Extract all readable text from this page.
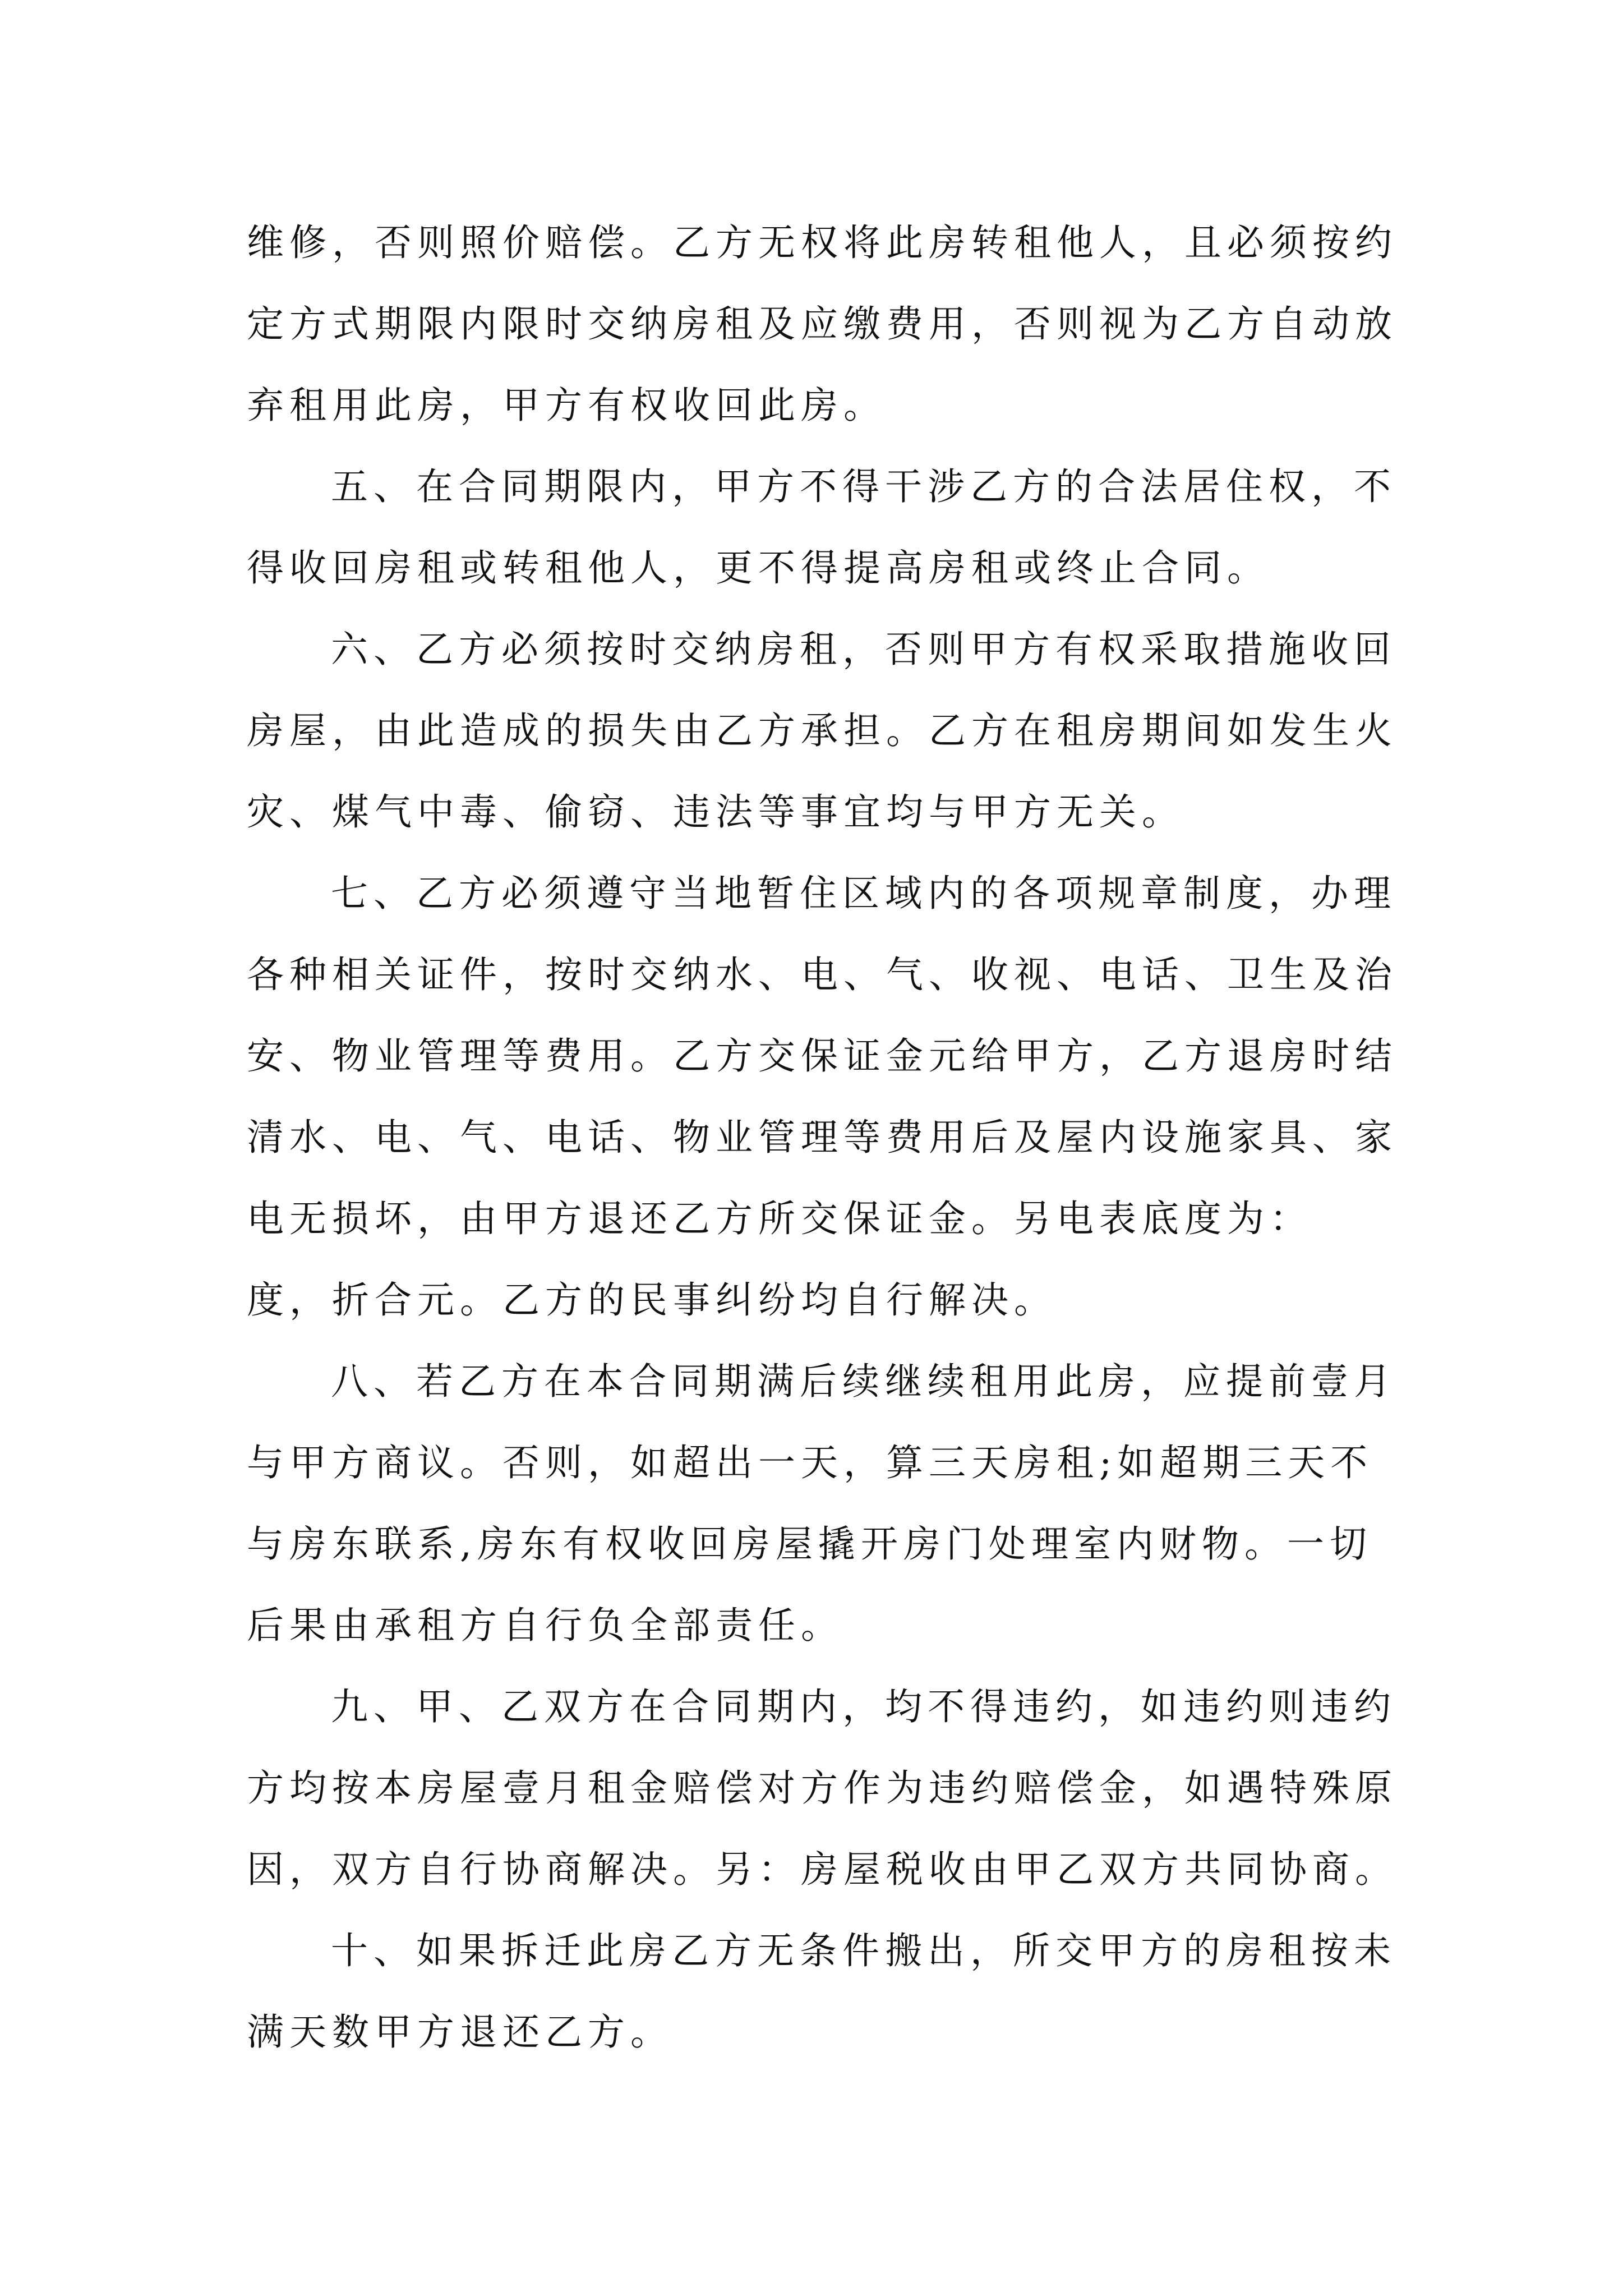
维修，否则照价赔偿。乙方无权将此房转租他人，且必须按约定方式期限内限时交纳房租及应缴费用，否则视为乙方自动放弃租用此房，甲方有权收回此房。

五、在合同期限内，甲方不得干涉乙方的合法居住权，不得收回房租或转租他人，更不得提高房租或终止合同。

六、乙方必须按时交纳房租，否则甲方有权采取措施收回房屋，由此造成的损失由乙方承担。乙方在租房期间如发生火灾、煤气中毒、偷窃、违法等事宜均与甲方无关。

七、乙方必须遵守当地暂住区域内的各项规章制度，办理各种相关证件，按时交纳水、电、气、收视、电话、卫生及治安、物业管理等费用。乙方交保证金元给甲方，乙方退房时结清水、电、气、电话、物业管理等费用后及屋内设施家具、家电无损坏，由甲方退还乙方所交保证金。另电表底度为：　度，折合元。乙方的民事纠纷均自行解决。

八、若乙方在本合同期满后续继续租用此房，应提前壹月与甲方商议。否则，如超出一天，算三天房租;如超期三天不与房东联系,房东有权收回房屋撬开房门处理室内财物。一切后果由承租方自行负全部责任。

九、甲、乙双方在合同期内，均不得违约，如违约则违约方均按本房屋壹月租金赔偿对方作为违约赔偿金，如遇特殊原因，双方自行协商解决。另：房屋税收由甲乙双方共同协商。

十、如果拆迁此房乙方无条件搬出，所交甲方的房租按未满天数甲方退还乙方。
